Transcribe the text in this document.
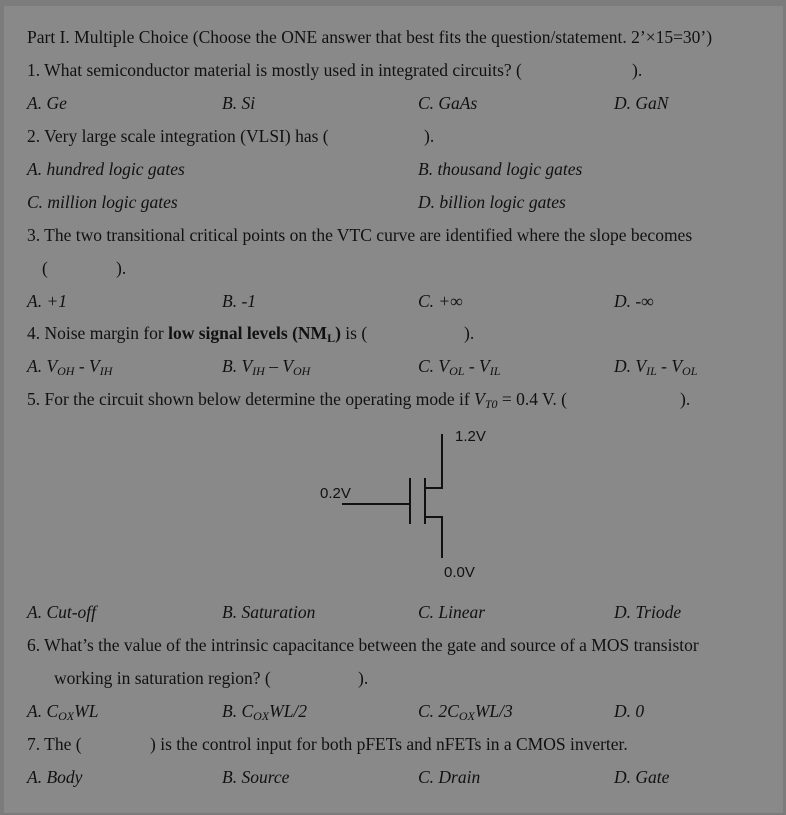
Part I. Multiple Choice (Choose the ONE answer that best fits the question/statement. 2’×15=30’)
1. What semiconductor material is mostly used in integrated circuits? (	).
A. Ge	B. Si	C. GaAs	D. GaN
2. Very large scale integration (VLSI) has (	).
A. hundred logic gates	B. thousand logic gates
C. million logic gates	D. billion logic gates
3. The two transitional critical points on the VTC curve are identified where the slope becomes
(	).
A. +1	B. -1	C. +∞	D. -∞
4. Noise margin for low signal levels (NML) is (	).
A. $V_{OH} - V_{IH}$	B. $V_{IH} - V_{OH}$	C. $V_{OL} - V_{IL}$	D. $V_{IL} - V_{OL}$
5. For the circuit shown below determine the operating mode if $V_{T0} = 0.4$ V. (	).
1.2V
0.2V
0.0V
A. Cut-off	B. Saturation	C. Linear	D. Triode
6. What’s the value of the intrinsic capacitance between the gate and source of a MOS transistor
working in saturation region? (	).
A. $C_{OX}WL$	B. $C_{OX}WL/2$	C. $2C_{OX}WL/3$	D. 0
7. The (	) is the control input for both pFETs and nFETs in a CMOS inverter.
A. Body	B. Source	C. Drain	D. Gate
